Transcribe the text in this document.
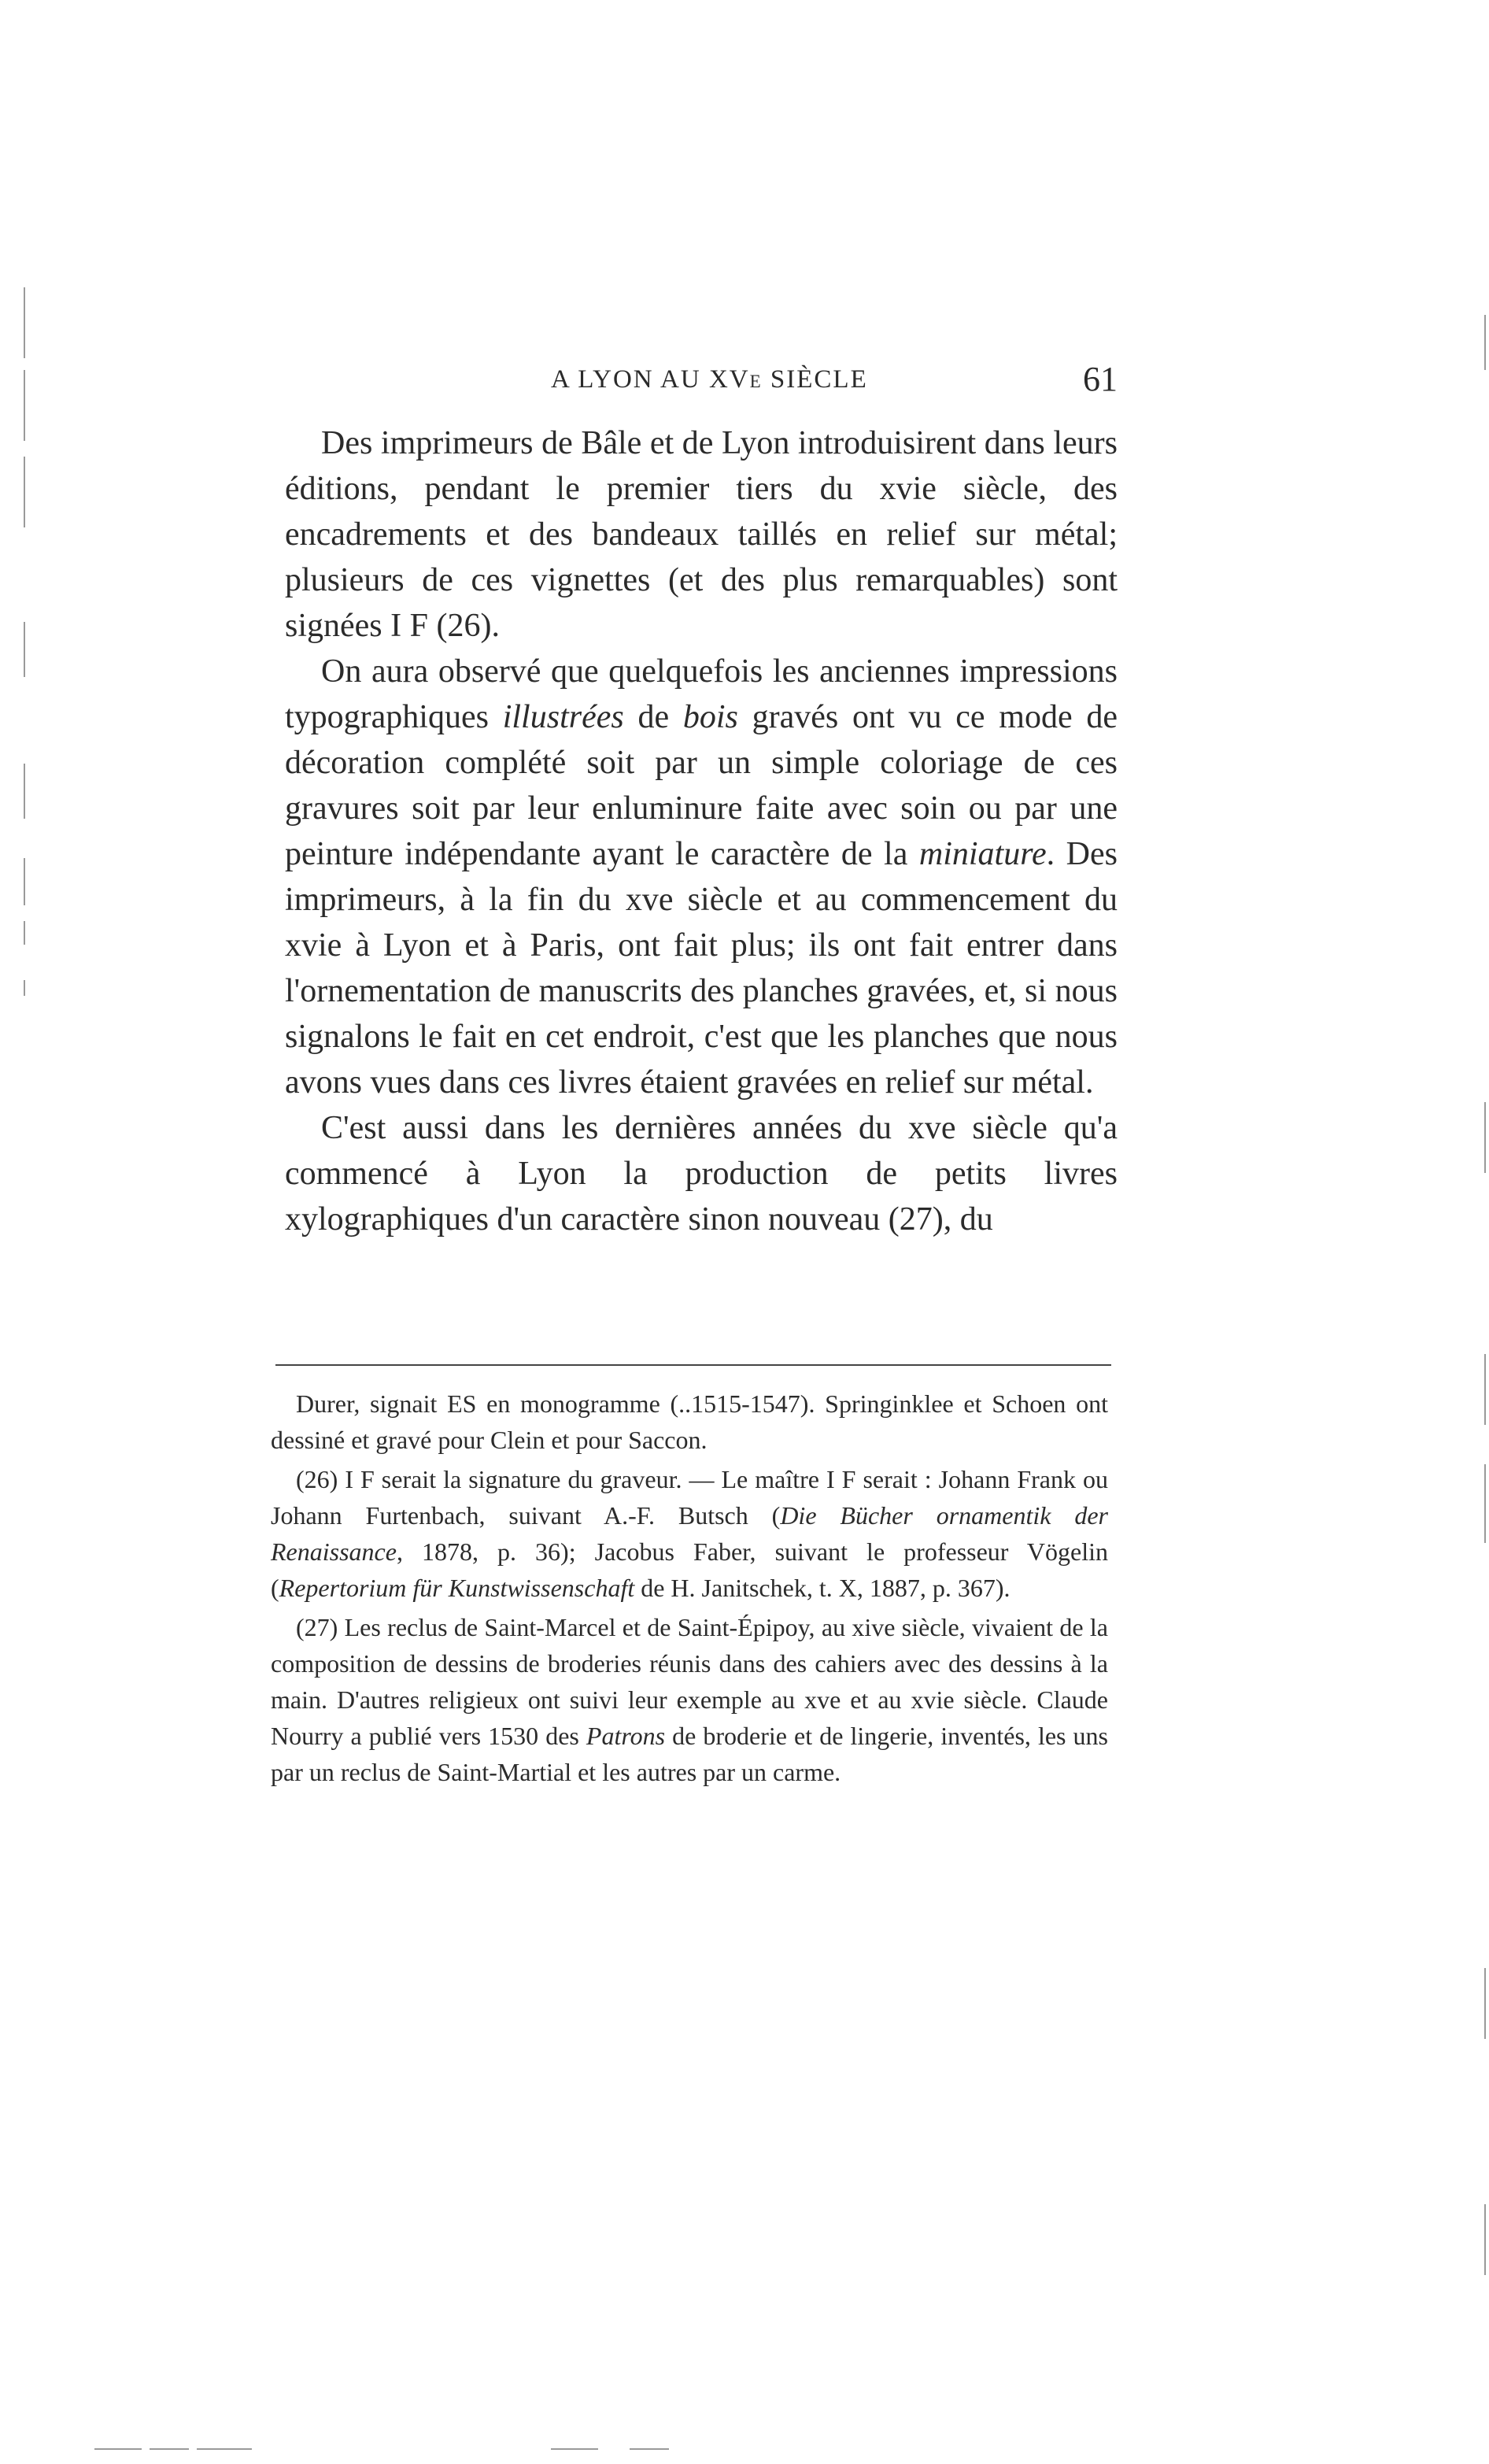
A LYON AU XVe SIÈCLE	61

Des imprimeurs de Bâle et de Lyon introduisirent dans leurs éditions, pendant le premier tiers du xvie siècle, des encadrements et des bandeaux taillés en relief sur métal; plusieurs de ces vignettes (et des plus remarquables) sont signées I F (26).

On aura observé que quelquefois les anciennes impressions typographiques illustrées de bois gravés ont vu ce mode de décoration complété soit par un simple coloriage de ces gravures soit par leur enluminure faite avec soin ou par une peinture indépendante ayant le caractère de la miniature. Des imprimeurs, à la fin du xve siècle et au commencement du xvie à Lyon et à Paris, ont fait plus; ils ont fait entrer dans l'ornementation de manuscrits des planches gravées, et, si nous signalons le fait en cet endroit, c'est que les planches que nous avons vues dans ces livres étaient gravées en relief sur métal.

C'est aussi dans les dernières années du xve siècle qu'a commencé à Lyon la production de petits livres xylographiques d'un caractère sinon nouveau (27), du

Durer, signait ES en monogramme (..1515-1547). Springinklee et Schoen ont dessiné et gravé pour Clein et pour Saccon.

(26) I F serait la signature du graveur. — Le maître I F serait : Johann Frank ou Johann Furtenbach, suivant A.-F. Butsch (Die Bücher ornamentik der Renaissance, 1878, p. 36); Jacobus Faber, suivant le professeur Vögelin (Repertorium für Kunstwissenschaft de H. Janitschek, t. X, 1887, p. 367).

(27) Les reclus de Saint-Marcel et de Saint-Épipoy, au xive siècle, vivaient de la composition de dessins de broderies réunis dans des cahiers avec des dessins à la main. D'autres religieux ont suivi leur exemple au xve et au xvie siècle. Claude Nourry a publié vers 1530 des Patrons de broderie et de lingerie, inventés, les uns par un reclus de Saint-Martial et les autres par un carme.
